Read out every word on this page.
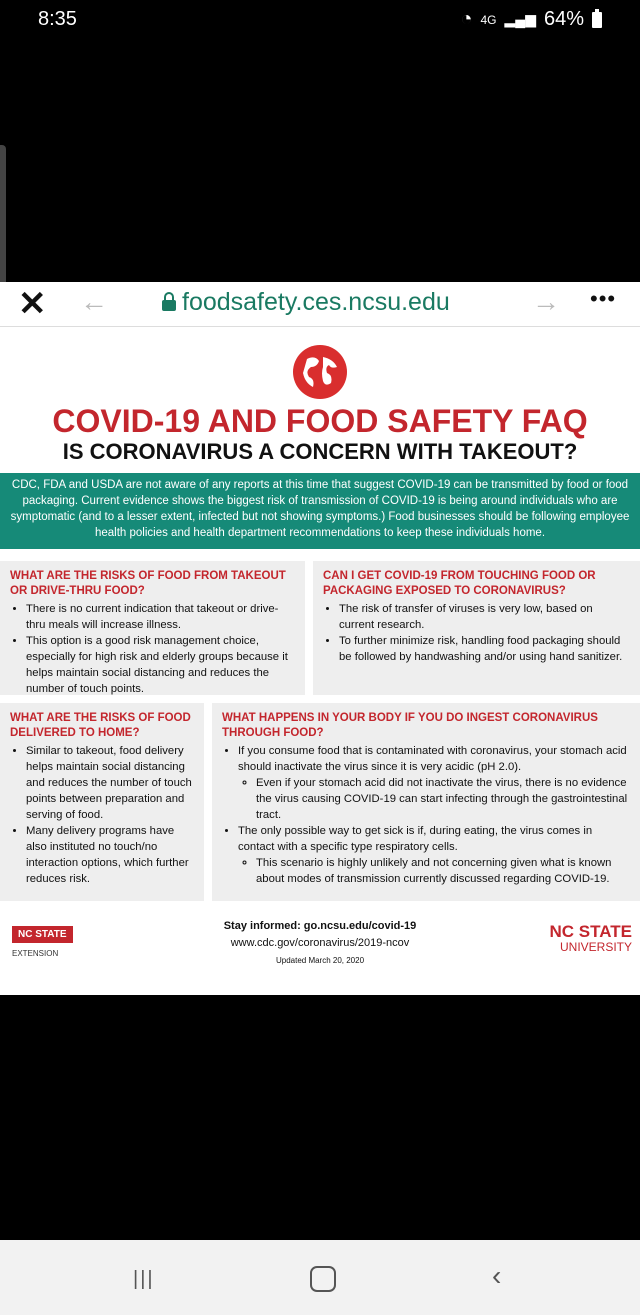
8:35	◔ 4G ▂▄▆ 64%
✕ ←	foodsafety.ces.ncsu.edu	→ •••
COVID-19 AND FOOD SAFETY FAQ
IS CORONAVIRUS A CONCERN WITH TAKEOUT?
CDC, FDA and USDA are not aware of any reports at this time that suggest COVID-19 can be transmitted by food or food packaging. Current evidence shows the biggest risk of transmission of COVID-19 is being around individuals who are symptomatic (and to a lesser extent, infected but not showing symptoms.) Food businesses should be following employee health policies and health department recommendations to keep these individuals home.
WHAT ARE THE RISKS OF FOOD FROM TAKEOUT OR DRIVE-THRU FOOD?
• There is no current indication that takeout or drive-thru meals will increase illness.
• This option is a good risk management choice, especially for high risk and elderly groups because it helps maintain social distancing and reduces the number of touch points.
CAN I GET COVID-19 FROM TOUCHING FOOD OR PACKAGING EXPOSED TO CORONAVIRUS?
• The risk of transfer of viruses is very low, based on current research.
• To further minimize risk, handling food packaging should be followed by handwashing and/or using hand sanitizer.
WHAT ARE THE RISKS OF FOOD DELIVERED TO HOME?
• Similar to takeout, food delivery helps maintain social distancing and reduces the number of touch points between preparation and serving of food.
• Many delivery programs have also instituted no touch/no interaction options, which further reduces risk.
WHAT HAPPENS IN YOUR BODY IF YOU DO INGEST CORONAVIRUS THROUGH FOOD?
• If you consume food that is contaminated with coronavirus, your stomach acid should inactivate the virus since it is very acidic (pH 2.0).
◦ Even if your stomach acid did not inactivate the virus, there is no evidence the virus causing COVID-19 can start infecting through the gastrointestinal tract.
• The only possible way to get sick is if, during eating, the virus comes in contact with a specific type respiratory cells.
◦ This scenario is highly unlikely and not concerning given what is known about modes of transmission currently discussed regarding COVID-19.
NC STATE
EXTENSION
Stay informed: go.ncsu.edu/covid-19
www.cdc.gov/coronavirus/2019-ncov
Updated March 20, 2020
NC STATE
UNIVERSITY
|||	‹
